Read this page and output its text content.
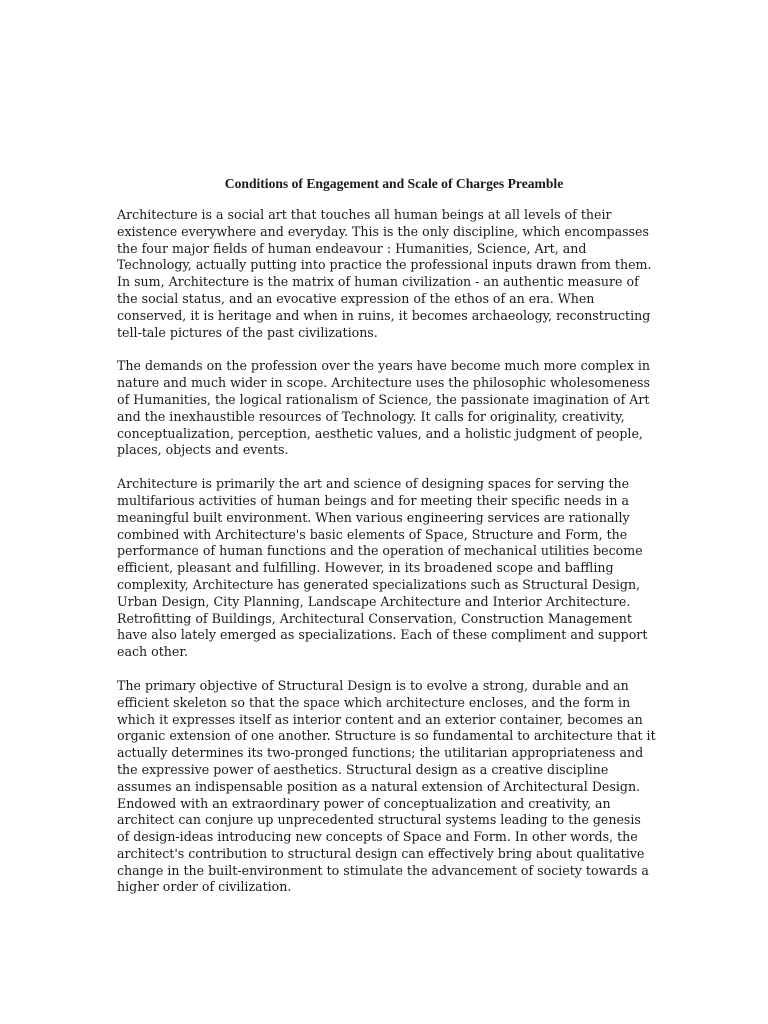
Conditions of Engagement and Scale of Charges Preamble

Architecture is a social art that touches all human beings at all levels of their existence everywhere and everyday. This is the only discipline, which encompasses the four major fields of human endeavour : Humanities, Science, Art, and Technology, actually putting into practice the professional inputs drawn from them. In sum, Architecture is the matrix of human civilization - an authentic measure of the social status, and an evocative expression of the ethos of an era. When conserved, it is heritage and when in ruins, it becomes archaeology, reconstructing tell-tale pictures of the past civilizations.

The demands on the profession over the years have become much more complex in nature and much wider in scope. Architecture uses the philosophic wholesomeness of Humanities, the logical rationalism of Science, the passionate imagination of Art and the inexhaustible resources of Technology. It calls for originality, creativity, conceptualization, perception, aesthetic values, and a holistic judgment of people, places, objects and events.

Architecture is primarily the art and science of designing spaces for serving the multifarious activities of human beings and for meeting their specific needs in a meaningful built environment. When various engineering services are rationally combined with Architecture's basic elements of Space, Structure and Form, the performance of human functions and the operation of mechanical utilities become efficient, pleasant and fulfilling. However, in its broadened scope and baffling complexity, Architecture has generated specializations such as Structural Design, Urban Design, City Planning, Landscape Architecture and Interior Architecture. Retrofitting of Buildings, Architectural Conservation, Construction Management have also lately emerged as specializations. Each of these compliment and support each other.

The primary objective of Structural Design is to evolve a strong, durable and an efficient skeleton so that the space which architecture encloses, and the form in which it expresses itself as interior content and an exterior container, becomes an organic extension of one another. Structure is so fundamental to architecture that it actually determines its two-pronged functions; the utilitarian appropriateness and the expressive power of aesthetics. Structural design as a creative discipline assumes an indispensable position as a natural extension of Architectural Design. Endowed with an extraordinary power of conceptualization and creativity, an architect can conjure up unprecedented structural systems leading to the genesis of design-ideas introducing new concepts of Space and Form. In other words, the architect's contribution to structural design can effectively bring about qualitative change in the built-environment to stimulate the advancement of society towards a higher order of civilization.
